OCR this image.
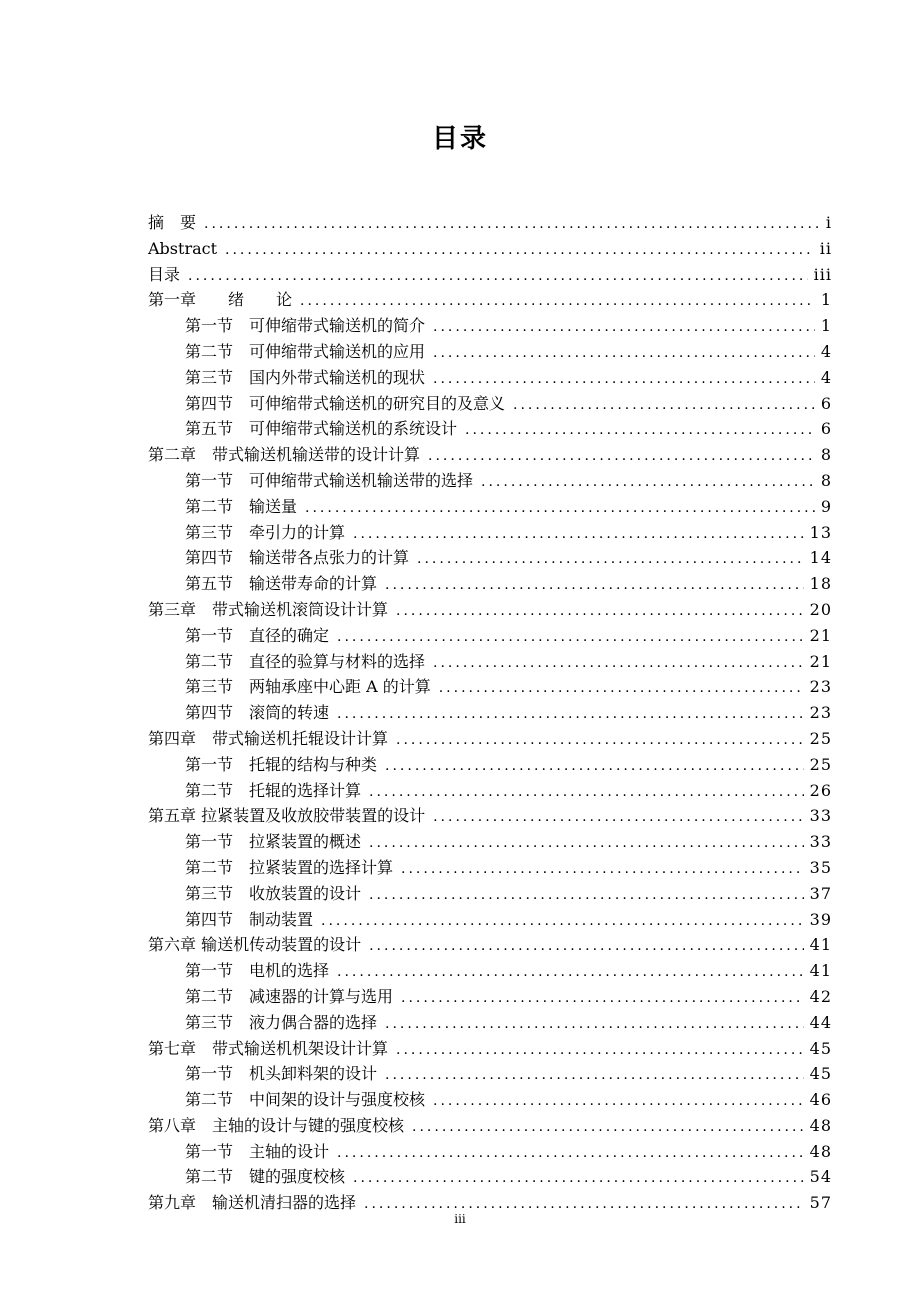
目录
摘　要 .....	i
Abstract .....	ii
目录 .....	iii
第一章　　绪　　论 .....	1
第一节　可伸缩带式输送机的简介 .....	1
第二节　可伸缩带式输送机的应用 .....	4
第三节　国内外带式输送机的现状 .....	4
第四节　可伸缩带式输送机的研究目的及意义 .....	6
第五节　可伸缩带式输送机的系统设计 .....	6
第二章　带式输送机输送带的设计计算 .....	8
第一节　可伸缩带式输送机输送带的选择 .....	8
第二节　输送量 .....	9
第三节　牵引力的计算 .....	13
第四节　输送带各点张力的计算 .....	14
第五节　输送带寿命的计算 .....	18
第三章　带式输送机滚筒设计计算 .....	20
第一节　直径的确定 .....	21
第二节　直径的验算与材料的选择 .....	21
第三节　两轴承座中心距 A 的计算 .....	23
第四节　滚筒的转速 .....	23
第四章　带式输送机托辊设计计算 .....	25
第一节　托辊的结构与种类 .....	25
第二节　托辊的选择计算 .....	26
第五章 拉紧装置及收放胶带装置的设计 .....	33
第一节　拉紧装置的概述 .....	33
第二节　拉紧装置的选择计算 .....	35
第三节　收放装置的设计 .....	37
第四节　制动装置 .....	39
第六章 输送机传动装置的设计 .....	41
第一节　电机的选择 .....	41
第二节　减速器的计算与选用 .....	42
第三节　液力偶合器的选择 .....	44
第七章　带式输送机机架设计计算 .....	45
第一节　机头卸料架的设计 .....	45
第二节　中间架的设计与强度校核 .....	46
第八章　主轴的设计与键的强度校核 .....	48
第一节　主轴的设计 .....	48
第二节　键的强度校核 .....	54
第九章　输送机清扫器的选择 .....	57
iii
